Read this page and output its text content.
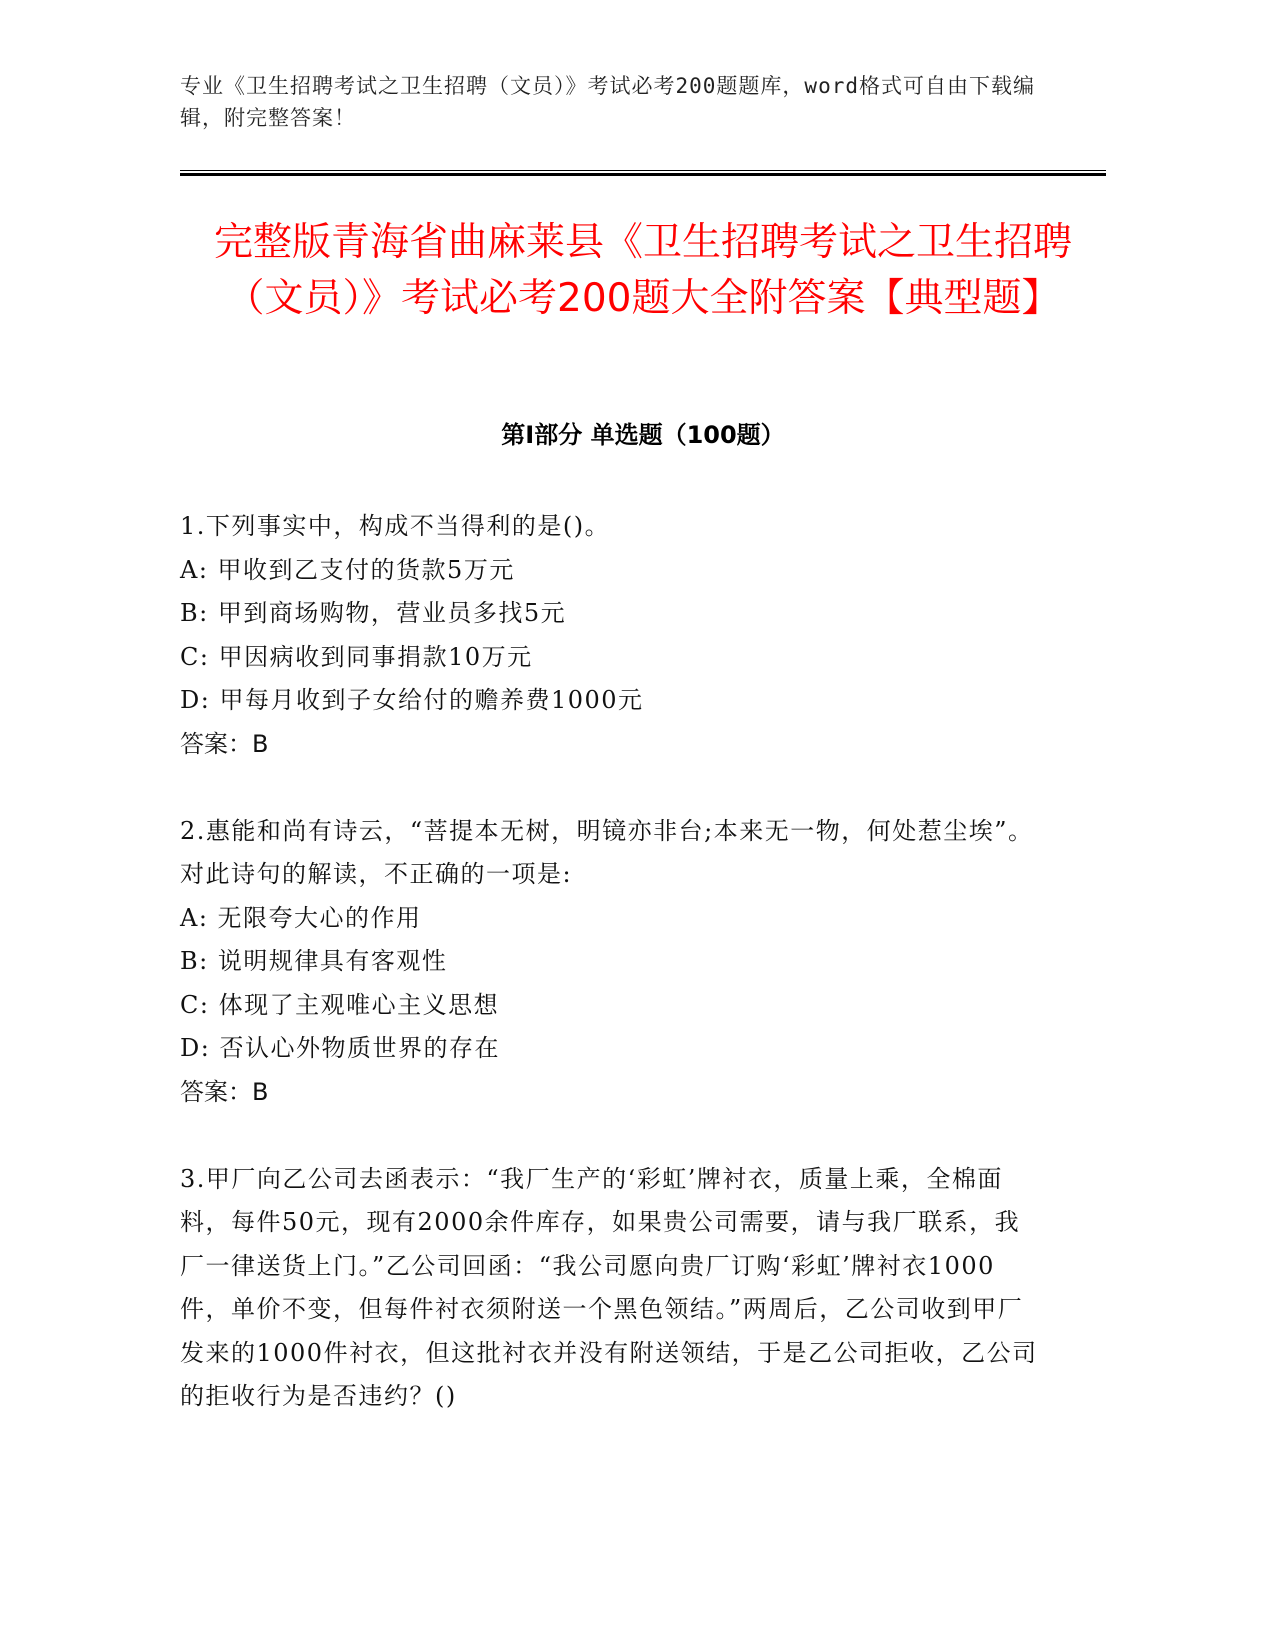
专业《卫生招聘考试之卫生招聘（文员）》考试必考200题题库，word格式可自由下载编辑，附完整答案！
完整版青海省曲麻莱县《卫生招聘考试之卫生招聘（文员）》考试必考200题大全附答案【典型题】
第I部分 单选题（100题）

1.下列事实中，构成不当得利的是()。

A: 甲收到乙支付的货款5万元

B: 甲到商场购物，营业员多找5元

C: 甲因病收到同事捐款10万元

D: 甲每月收到子女给付的赡养费1000元

答案：B

2.惠能和尚有诗云，“菩提本无树，明镜亦非台;本来无一物，何处惹尘埃”。对此诗句的解读，不正确的一项是:

A: 无限夸大心的作用

B: 说明规律具有客观性

C: 体现了主观唯心主义思想

D: 否认心外物质世界的存在

答案：B

3.甲厂向乙公司去函表示：“我厂生产的‘彩虹’牌衬衣，质量上乘，全棉面料，每件50元，现有2000余件库存，如果贵公司需要，请与我厂联系，我厂一律送货上门。”乙公司回函：“我公司愿向贵厂订购‘彩虹’牌衬衣1000件，单价不变，但每件衬衣须附送一个黑色领结。”两周后，乙公司收到甲厂发来的1000件衬衣，但这批衬衣并没有附送领结，于是乙公司拒收，乙公司的拒收行为是否违约？()
